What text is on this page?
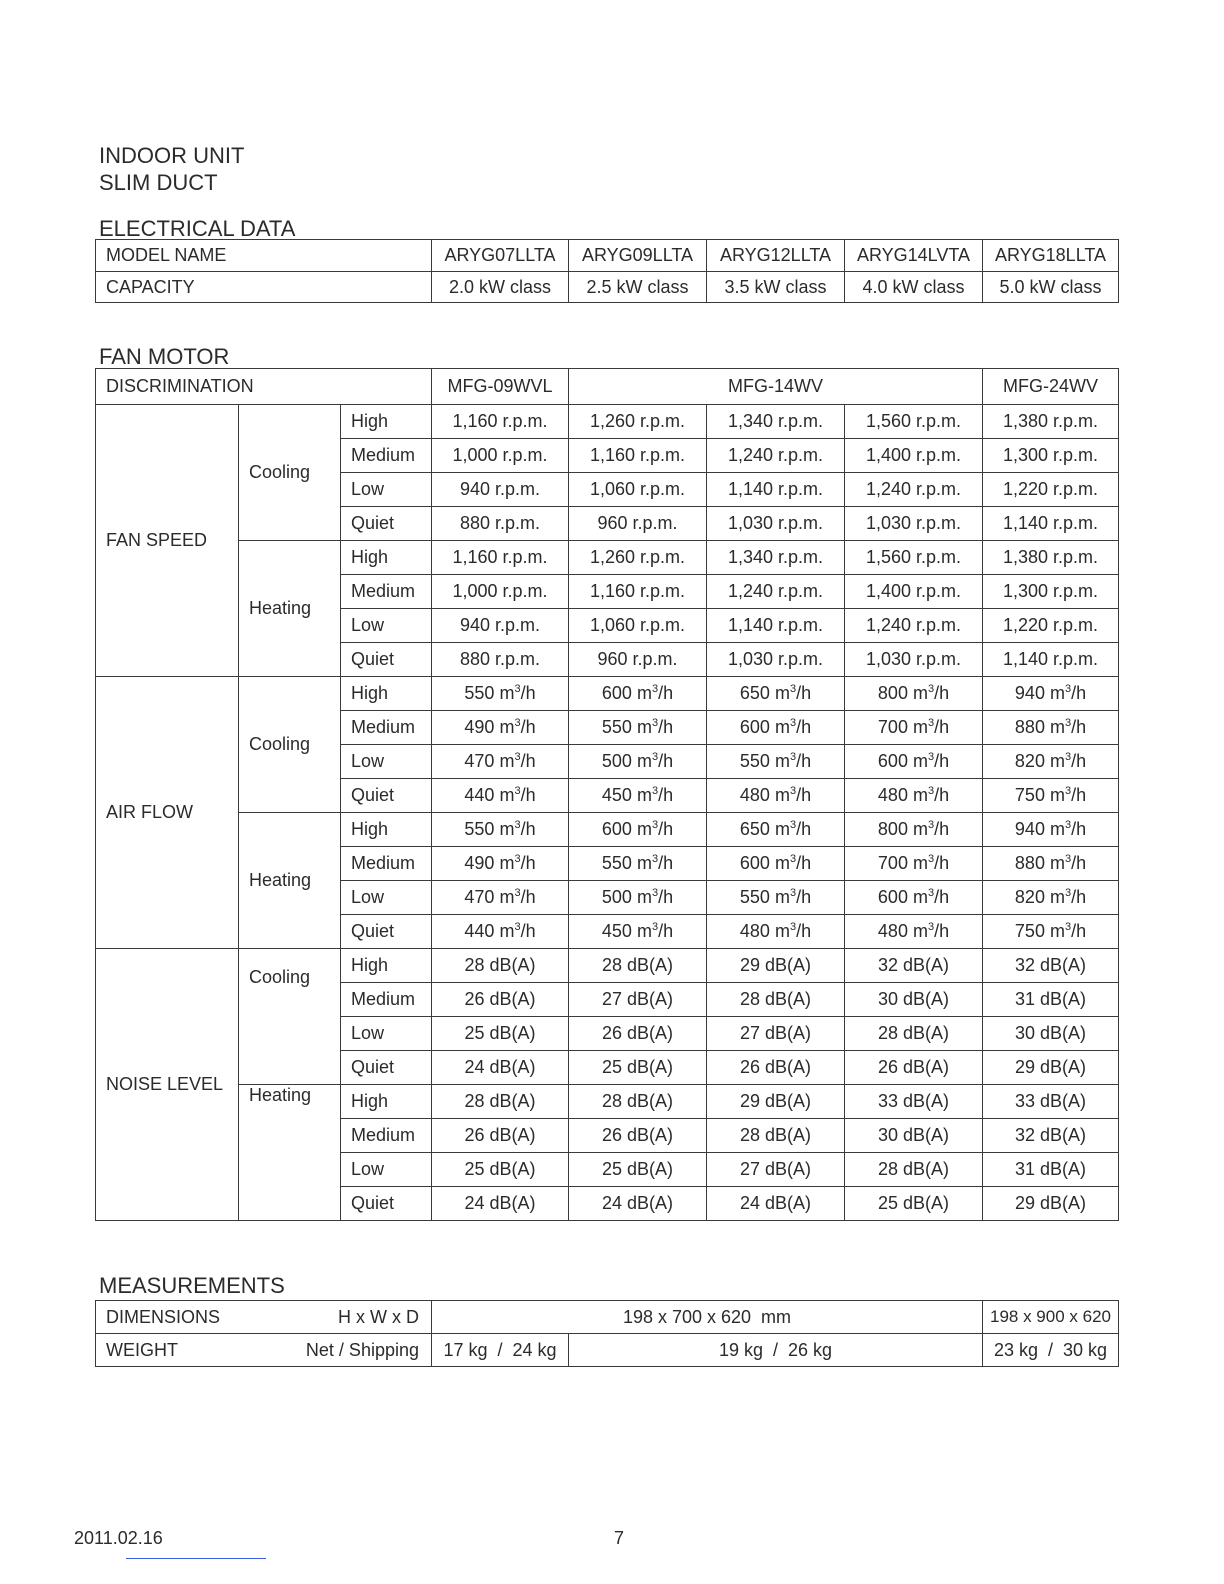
INDOOR UNIT
SLIM DUCT
ELECTRICAL DATA
MODEL NAME	ARYG07LLTA	ARYG09LLTA	ARYG12LLTA	ARYG14LVTA	ARYG18LLTA
CAPACITY	2.0 kW class	2.5 kW class	3.5 kW class	4.0 kW class	5.0 kW class
FAN MOTOR
DISCRIMINATION			MFG-09WVL	MFG-14WV			MFG-24WV
FAN SPEED	Cooling	High	1,160 r.p.m.	1,260 r.p.m.	1,340 r.p.m.	1,560 r.p.m.	1,380 r.p.m.
		Medium	1,000 r.p.m.	1,160 r.p.m.	1,240 r.p.m.	1,400 r.p.m.	1,300 r.p.m.
		Low	940 r.p.m.	1,060 r.p.m.	1,140 r.p.m.	1,240 r.p.m.	1,220 r.p.m.
		Quiet	880 r.p.m.	960 r.p.m.	1,030 r.p.m.	1,030 r.p.m.	1,140 r.p.m.
	Heating	High	1,160 r.p.m.	1,260 r.p.m.	1,340 r.p.m.	1,560 r.p.m.	1,380 r.p.m.
		Medium	1,000 r.p.m.	1,160 r.p.m.	1,240 r.p.m.	1,400 r.p.m.	1,300 r.p.m.
		Low	940 r.p.m.	1,060 r.p.m.	1,140 r.p.m.	1,240 r.p.m.	1,220 r.p.m.
		Quiet	880 r.p.m.	960 r.p.m.	1,030 r.p.m.	1,030 r.p.m.	1,140 r.p.m.
AIR FLOW	Cooling	High	550 $m^3/h$	600 $m^3/h$	650 $m^3/h$	800 $m^3/h$	940 $m^3/h$
		Medium	490 $m^3/h$	550 $m^3/h$	600 $m^3/h$	700 $m^3/h$	880 $m^3/h$
		Low	470 $m^3/h$	500 $m^3/h$	550 $m^3/h$	600 $m^3/h$	820 $m^3/h$
		Quiet	440 $m^3/h$	450 $m^3/h$	480 $m^3/h$	480 $m^3/h$	750 $m^3/h$
	Heating	High	550 $m^3/h$	600 $m^3/h$	650 $m^3/h$	800 $m^3/h$	940 $m^3/h$
		Medium	490 $m^3/h$	550 $m^3/h$	600 $m^3/h$	700 $m^3/h$	880 $m^3/h$
		Low	470 $m^3/h$	500 $m^3/h$	550 $m^3/h$	600 $m^3/h$	820 $m^3/h$
		Quiet	440 $m^3/h$	450 $m^3/h$	480 $m^3/h$	480 $m^3/h$	750 $m^3/h$
NOISE LEVEL	Cooling	High	28 dB(A)	28 dB(A)	29 dB(A)	32 dB(A)	32 dB(A)
		Medium	26 dB(A)	27 dB(A)	28 dB(A)	30 dB(A)	31 dB(A)
		Low	25 dB(A)	26 dB(A)	27 dB(A)	28 dB(A)	30 dB(A)
		Quiet	24 dB(A)	25 dB(A)	26 dB(A)	26 dB(A)	29 dB(A)
	Heating	High	28 dB(A)	28 dB(A)	29 dB(A)	33 dB(A)	33 dB(A)
		Medium	26 dB(A)	26 dB(A)	28 dB(A)	30 dB(A)	32 dB(A)
		Low	25 dB(A)	25 dB(A)	27 dB(A)	28 dB(A)	31 dB(A)
		Quiet	24 dB(A)	24 dB(A)	24 dB(A)	25 dB(A)	29 dB(A)
MEASUREMENTS
DIMENSIONS H x W x D	198 x 700 x 620  mm		198 x 900 x 620

WEIGHT Net / Shipping	17 kg  /  24 kg	19 kg  /  26 kg	23 kg  /  30 kg
2011.02.16	7
